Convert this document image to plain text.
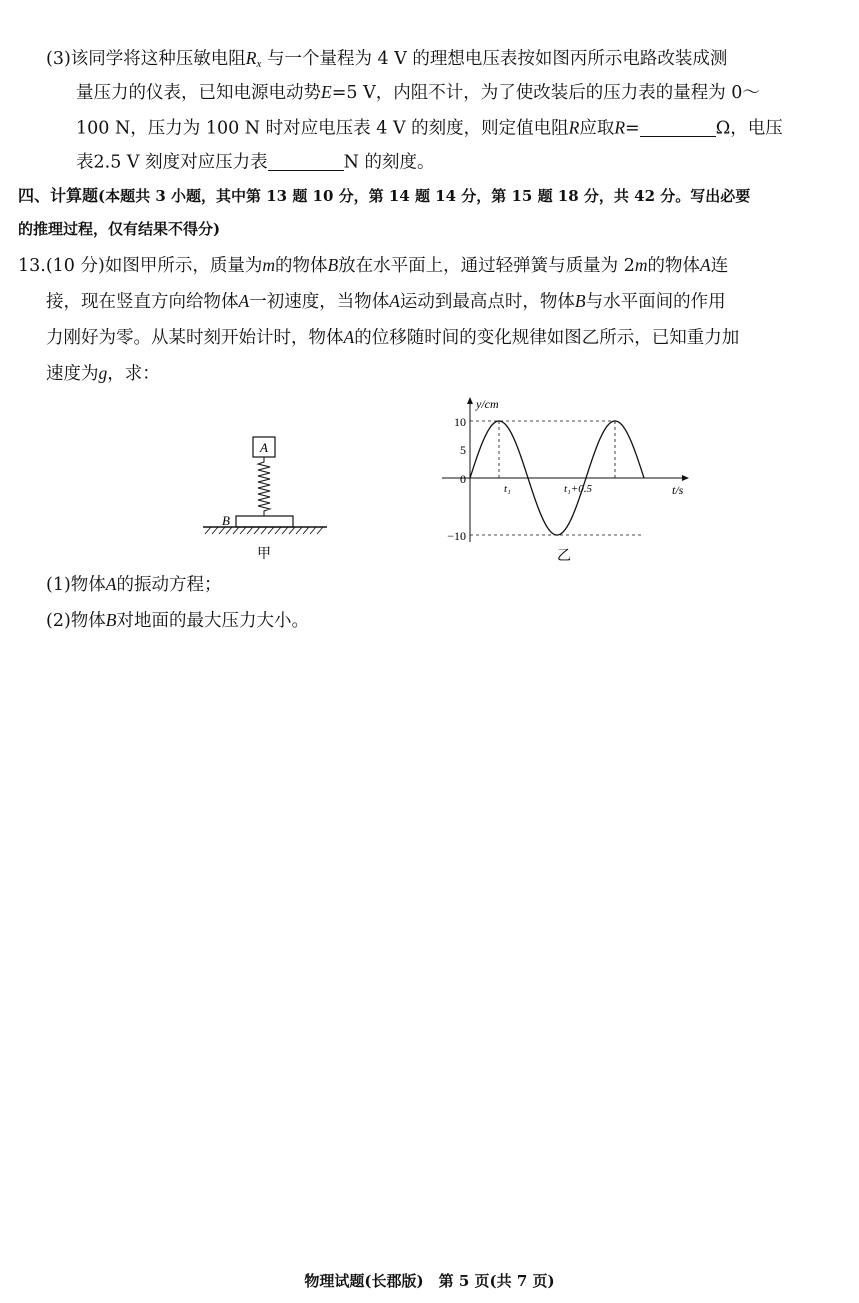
(3)该同学将这种压敏电阻$R_x$ 与一个量程为 4 V 的理想电压表按如图丙所示电路改装成测
量压力的仪表，已知电源电动势E=5 V，内阻不计，为了使改装后的压力表的量程为 0～
100 N，压力为 100 N 时对应电压表 4 V 的刻度，则定值电阻R应取R=	Ω，电压
表2.5 V 刻度对应压力表	N 的刻度。
四、计算题(本题共 3 小题，其中第 13 题 10 分，第 14 题 14 分，第 15 题 18 分，共 42 分。写出必要
的推理过程，仅有结果不得分)
13.(10 分)如图甲所示，质量为m的物体B放在水平面上，通过轻弹簧与质量为 2m的物体A连
接，现在竖直方向给物体A一初速度，当物体A运动到最高点时，物体B与水平面间的作用
力刚好为零。从某时刻开始计时，物体A的位移随时间的变化规律如图乙所示，已知重力加
速度为g，求：
A
B
甲
y/cm
t/s
10
5
0
−10
t₁	t₁+0.5
乙
(1)物体A的振动方程；
(2)物体B对地面的最大压力大小。
物理试题(长郡版)　第 5 页(共 7 页)
